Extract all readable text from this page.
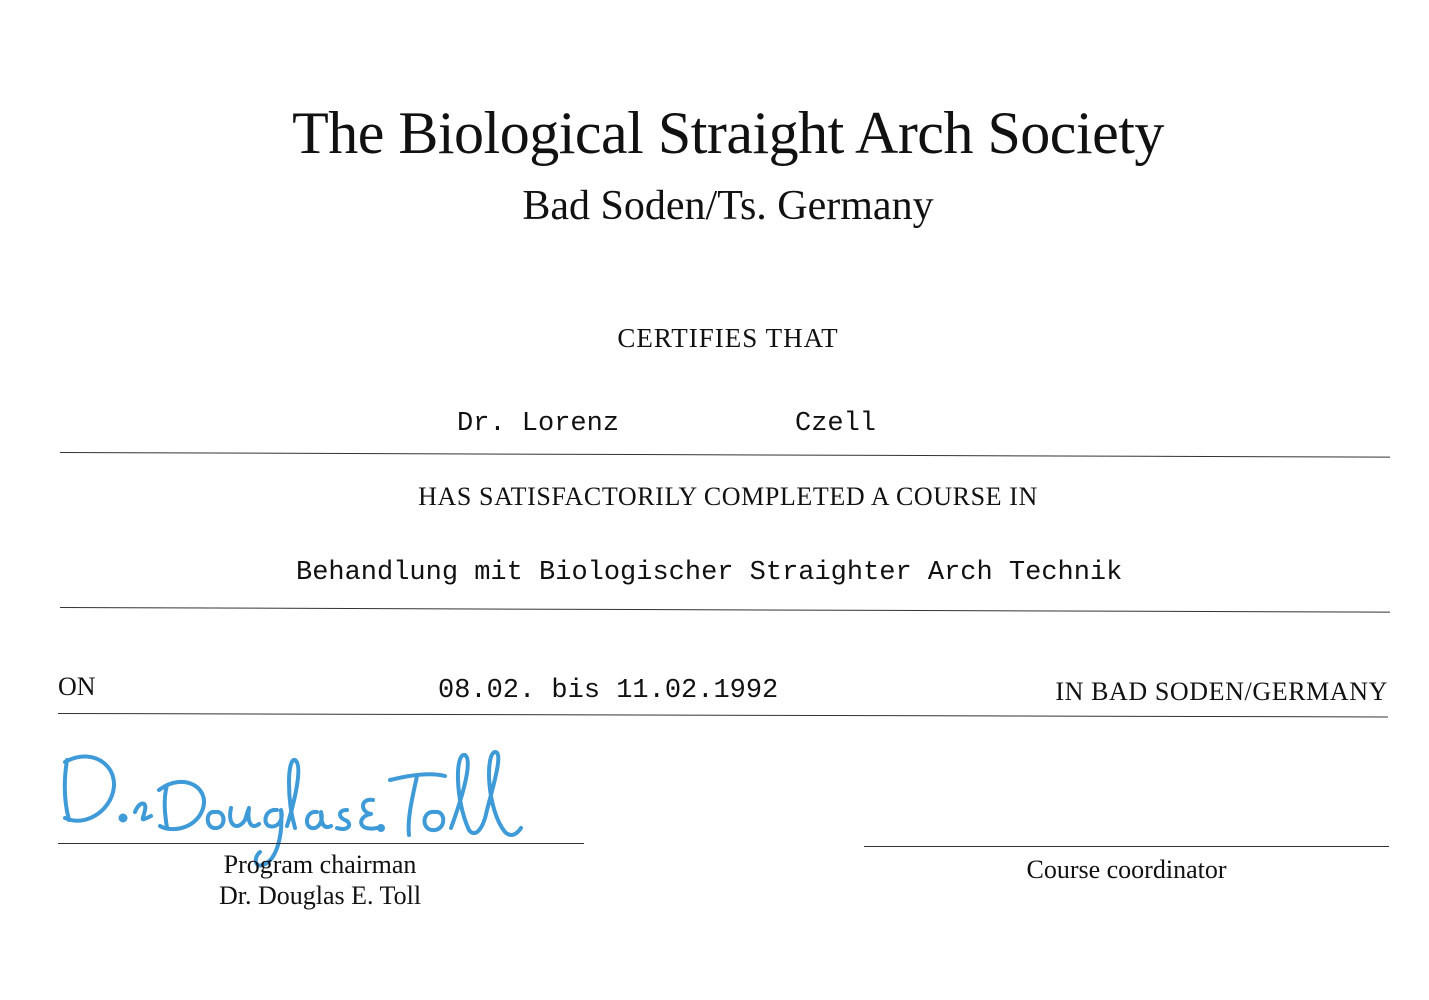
The Biological Straight Arch Society
Bad Soden/Ts. Germany
CERTIFIES THAT
Dr. Lorenz	Czell
HAS SATISFACTORILY COMPLETED A COURSE IN
Behandlung mit Biologischer Straighter Arch Technik
ON	08.02. bis 11.02.1992	IN BAD SODEN/GERMANY
Program chairman
Dr. Douglas E. Toll
Course coordinator
